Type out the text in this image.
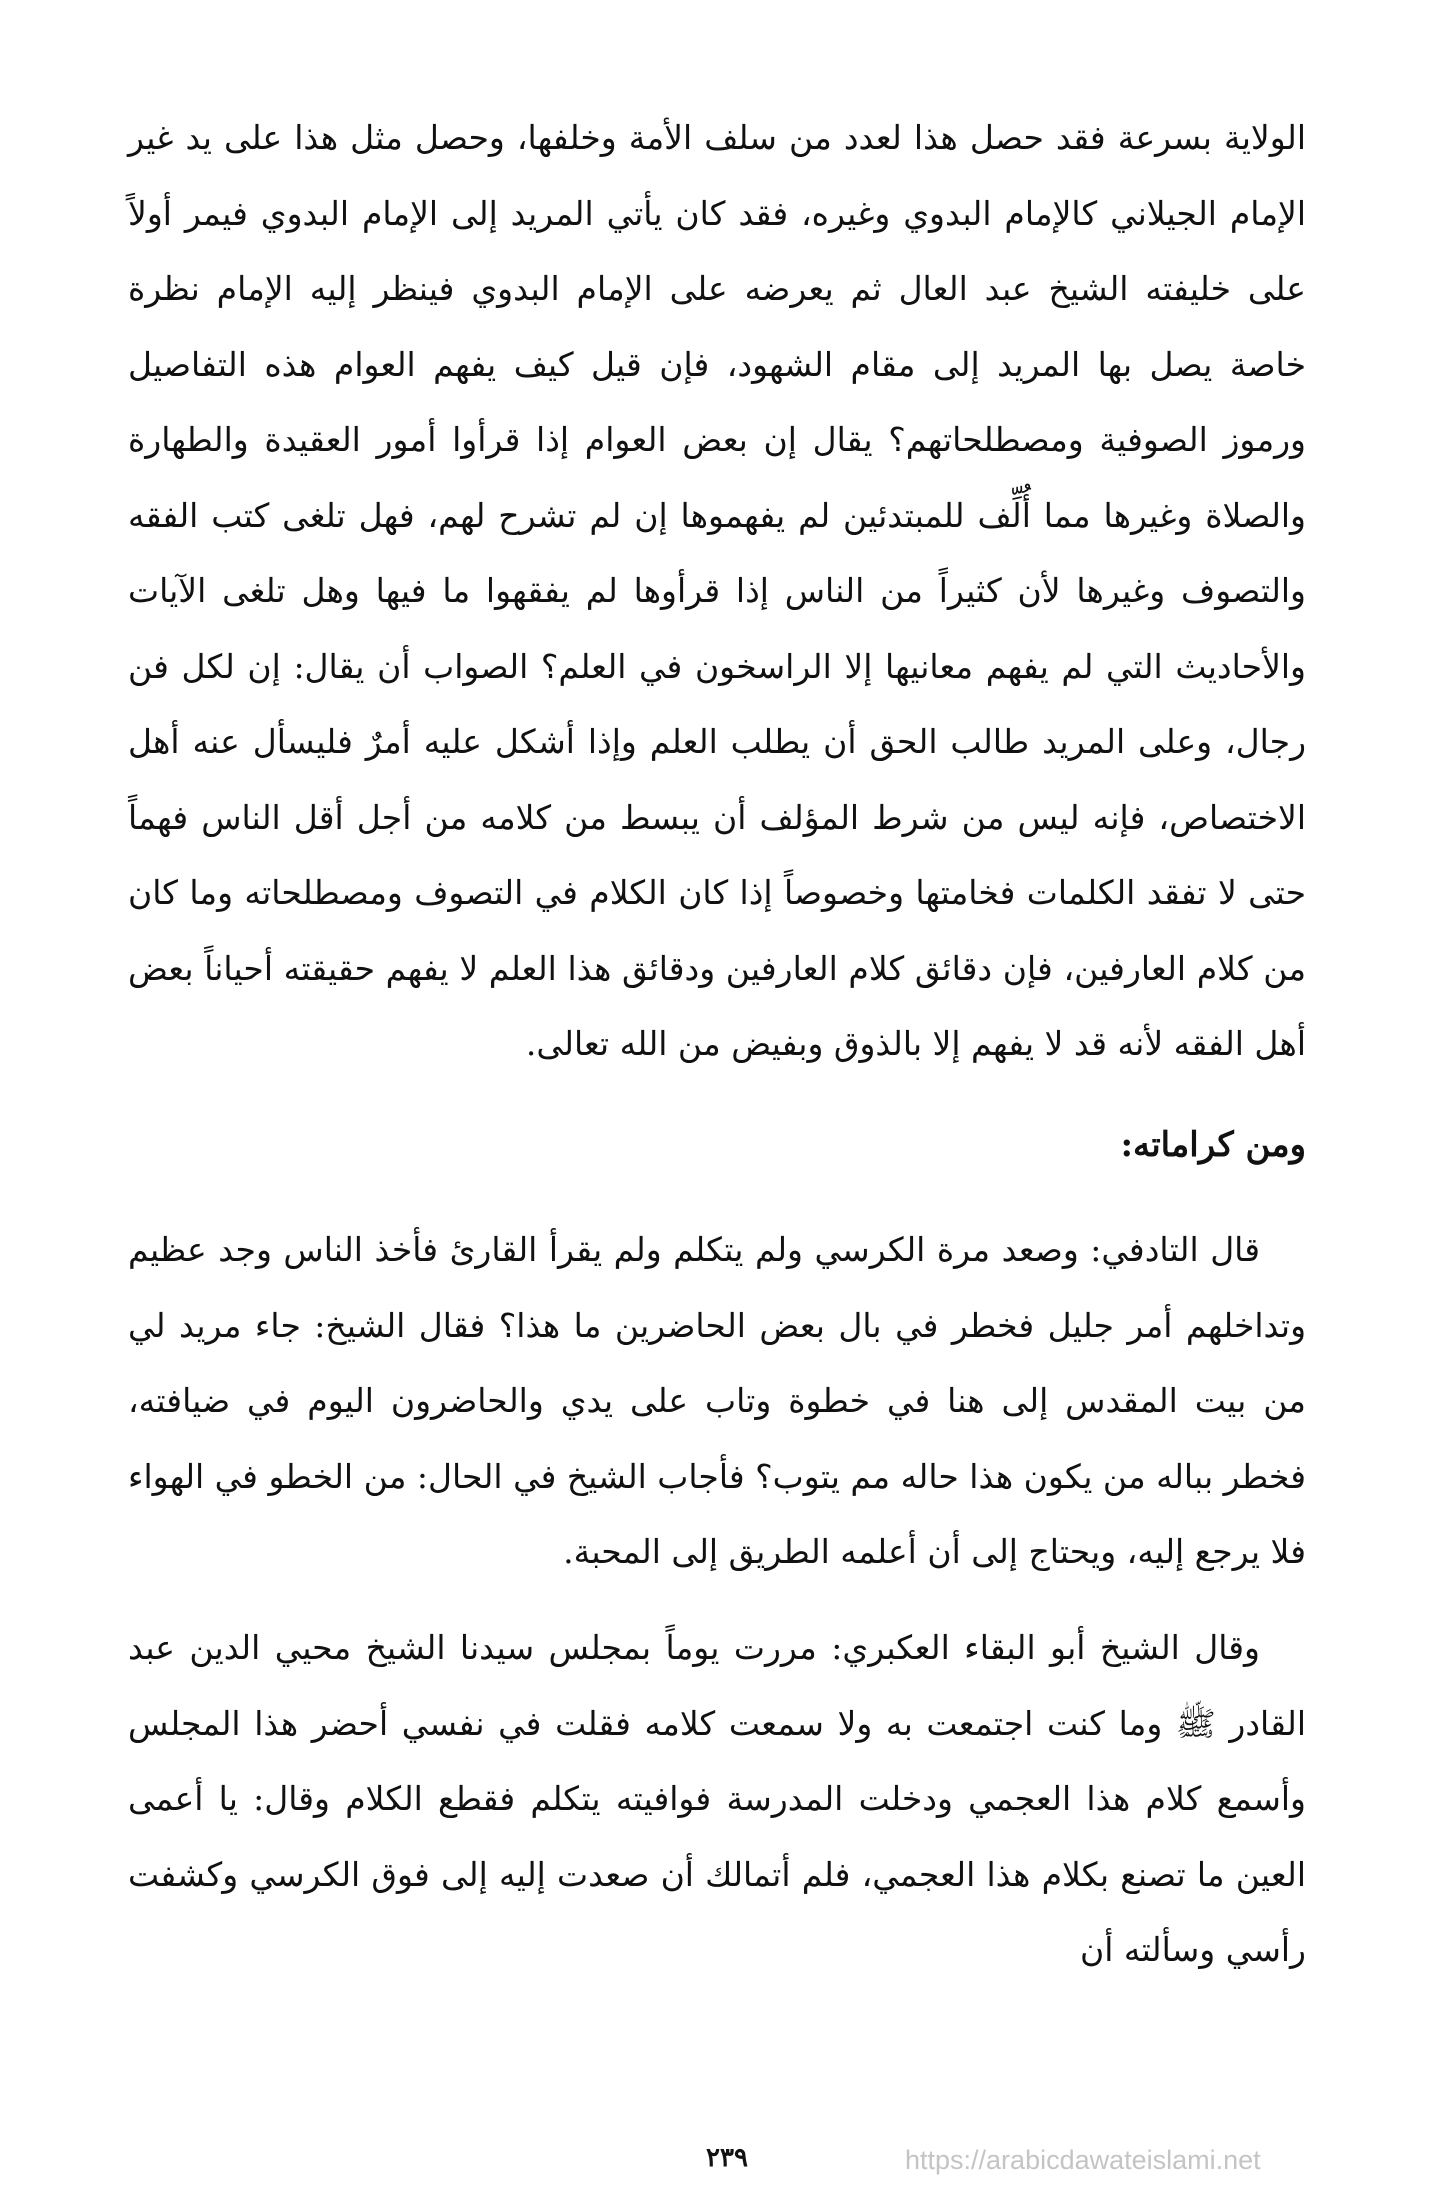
الولاية بسرعة فقد حصل هذا لعدد من سلف الأمة وخلفها، وحصل مثل هذا على يد غير الإمام الجيلاني كالإمام البدوي وغيره، فقد كان يأتي المريد إلى الإمام البدوي فيمر أولاً على خليفته الشيخ عبد العال ثم يعرضه على الإمام البدوي فينظر إليه الإمام نظرة خاصة يصل بها المريد إلى مقام الشهود، فإن قيل كيف يفهم العوام هذه التفاصيل ورموز الصوفية ومصطلحاتهم؟ يقال إن بعض العوام إذا قرأوا أمور العقيدة والطهارة والصلاة وغيرها مما أُلِّف للمبتدئين لم يفهموها إن لم تشرح لهم، فهل تلغى كتب الفقه والتصوف وغيرها لأن كثيراً من الناس إذا قرأوها لم يفقهوا ما فيها وهل تلغى الآيات والأحاديث التي لم يفهم معانيها إلا الراسخون في العلم؟ الصواب أن يقال: إن لكل فن رجال، وعلى المريد طالب الحق أن يطلب العلم وإذا أشكل عليه أمرٌ فليسأل عنه أهل الاختصاص، فإنه ليس من شرط المؤلف أن يبسط من كلامه من أجل أقل الناس فهماً حتى لا تفقد الكلمات فخامتها وخصوصاً إذا كان الكلام في التصوف ومصطلحاته وما كان من كلام العارفين، فإن دقائق كلام العارفين ودقائق هذا العلم لا يفهم حقيقته أحياناً بعض أهل الفقه لأنه قد لا يفهم إلا بالذوق وبفيض من الله تعالى.

ومن كراماته:

قال التادفي: وصعد مرة الكرسي ولم يتكلم ولم يقرأ القارئ فأخذ الناس وجد عظيم وتداخلهم أمر جليل فخطر في بال بعض الحاضرين ما هذا؟ فقال الشيخ: جاء مريد لي من بيت المقدس إلى هنا في خطوة وتاب على يدي والحاضرون اليوم في ضيافته، فخطر بباله من يكون هذا حاله مم يتوب؟ فأجاب الشيخ في الحال: من الخطو في الهواء فلا يرجع إليه، ويحتاج إلى أن أعلمه الطريق إلى المحبة.

وقال الشيخ أبو البقاء العكبري: مررت يوماً بمجلس سيدنا الشيخ محيي الدين عبد القادر ﷺ وما كنت اجتمعت به ولا سمعت كلامه فقلت في نفسي أحضر هذا المجلس وأسمع كلام هذا العجمي ودخلت المدرسة فوافيته يتكلم فقطع الكلام وقال: يا أعمى العين ما تصنع بكلام هذا العجمي، فلم أتمالك أن صعدت إليه إلى فوق الكرسي وكشفت رأسي وسألته أن

٢٣٩	https://arabicdawateislami.net
